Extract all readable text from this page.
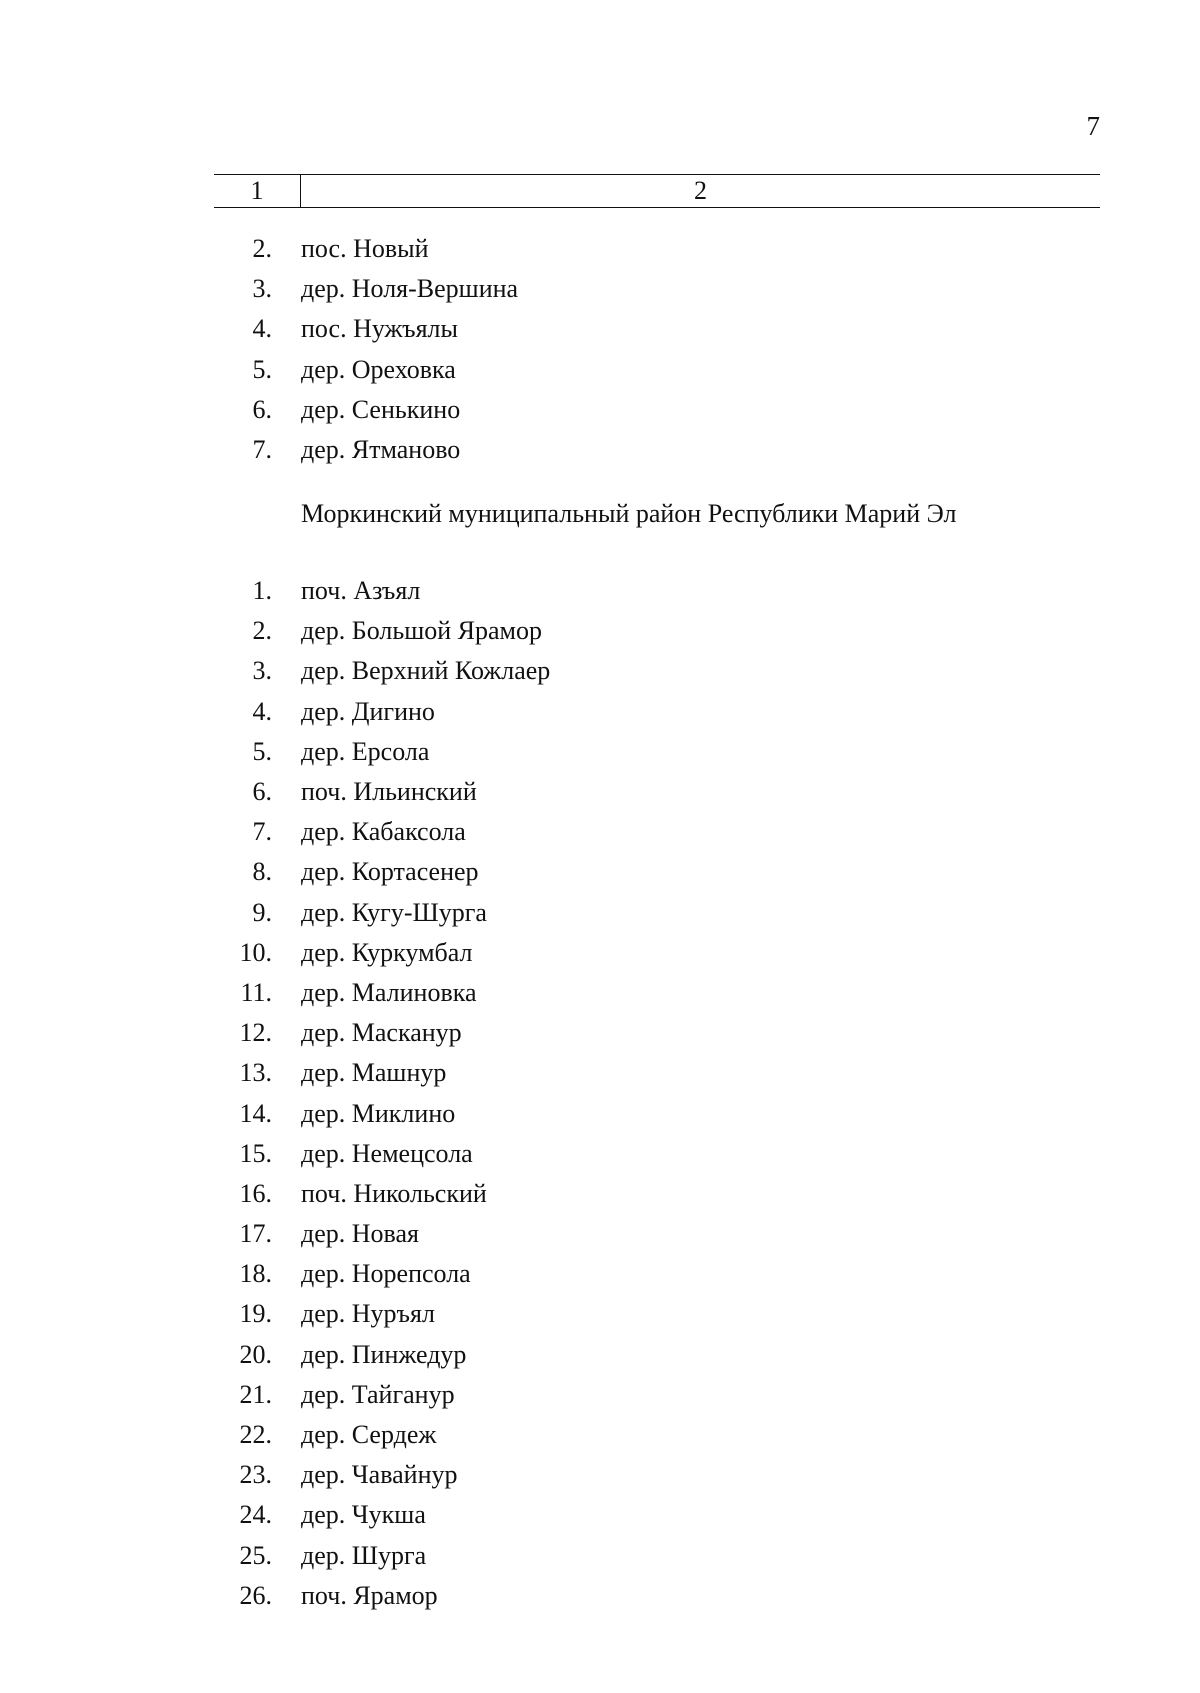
7
1	2
2. пос. Новый
3. дер. Ноля-Вершина
4. пос. Нужъялы
5. дер. Ореховка
6. дер. Сенькино
7. дер. Ятманово
Моркинский муниципальный район Республики Марий Эл
1. поч. Азъял
2. дер. Большой Ярамор
3. дер. Верхний Кожлаер
4. дер. Дигино
5. дер. Ерсола
6. поч. Ильинский
7. дер. Кабаксола
8. дер. Кортасенер
9. дер. Кугу-Шурга
10. дер. Куркумбал
11. дер. Малиновка
12. дер. Масканур
13. дер. Машнур
14. дер. Миклино
15. дер. Немецсола
16. поч. Никольский
17. дер. Новая
18. дер. Норепсола
19. дер. Нуръял
20. дер. Пинжедур
21. дер. Тайганур
22. дер. Сердеж
23. дер. Чавайнур
24. дер. Чукша
25. дер. Шурга
26. поч. Ярамор
